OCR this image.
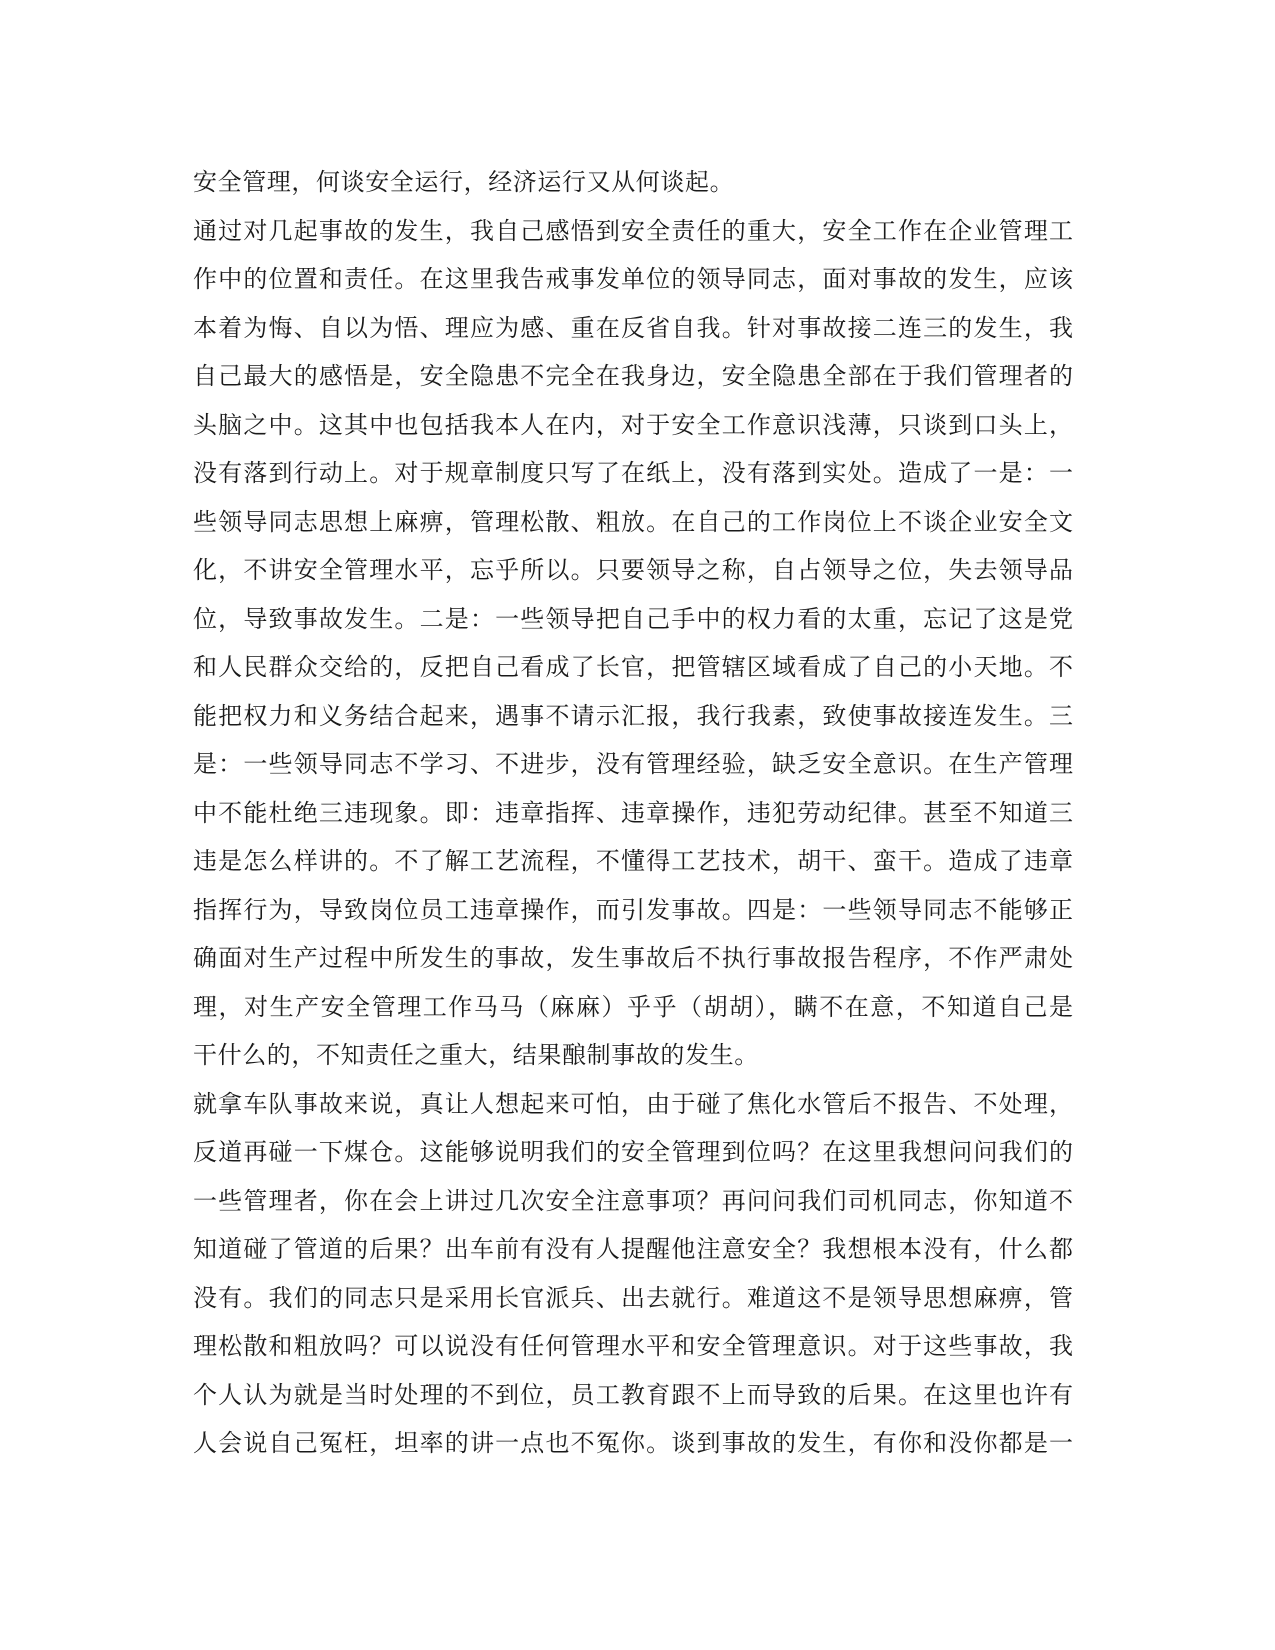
安全管理，何谈安全运行，经济运行又从何谈起。
通过对几起事故的发生，我自己感悟到安全责任的重大，安全工作在企业管理工
作中的位置和责任。在这里我告戒事发单位的领导同志，面对事故的发生，应该
本着为悔、自以为悟、理应为感、重在反省自我。针对事故接二连三的发生，我
自己最大的感悟是，安全隐患不完全在我身边，安全隐患全部在于我们管理者的
头脑之中。这其中也包括我本人在内，对于安全工作意识浅薄，只谈到口头上，
没有落到行动上。对于规章制度只写了在纸上，没有落到实处。造成了一是：一
些领导同志思想上麻痹，管理松散、粗放。在自己的工作岗位上不谈企业安全文
化，不讲安全管理水平，忘乎所以。只要领导之称，自占领导之位，失去领导品
位，导致事故发生。二是：一些领导把自己手中的权力看的太重，忘记了这是党
和人民群众交给的，反把自己看成了长官，把管辖区域看成了自己的小天地。不
能把权力和义务结合起来，遇事不请示汇报，我行我素，致使事故接连发生。三
是：一些领导同志不学习、不进步，没有管理经验，缺乏安全意识。在生产管理
中不能杜绝三违现象。即：违章指挥、违章操作，违犯劳动纪律。甚至不知道三
违是怎么样讲的。不了解工艺流程，不懂得工艺技术，胡干、蛮干。造成了违章
指挥行为，导致岗位员工违章操作，而引发事故。四是：一些领导同志不能够正
确面对生产过程中所发生的事故，发生事故后不执行事故报告程序，不作严肃处
理，对生产安全管理工作马马（麻麻）乎乎（胡胡），瞒不在意，不知道自己是
干什么的，不知责任之重大，结果酿制事故的发生。
就拿车队事故来说，真让人想起来可怕，由于碰了焦化水管后不报告、不处理，
反道再碰一下煤仓。这能够说明我们的安全管理到位吗？在这里我想问问我们的
一些管理者，你在会上讲过几次安全注意事项？再问问我们司机同志，你知道不
知道碰了管道的后果？出车前有没有人提醒他注意安全？我想根本没有，什么都
没有。我们的同志只是采用长官派兵、出去就行。难道这不是领导思想麻痹，管
理松散和粗放吗？可以说没有任何管理水平和安全管理意识。对于这些事故，我
个人认为就是当时处理的不到位，员工教育跟不上而导致的后果。在这里也许有
人会说自己冤枉，坦率的讲一点也不冤你。谈到事故的发生，有你和没你都是一
